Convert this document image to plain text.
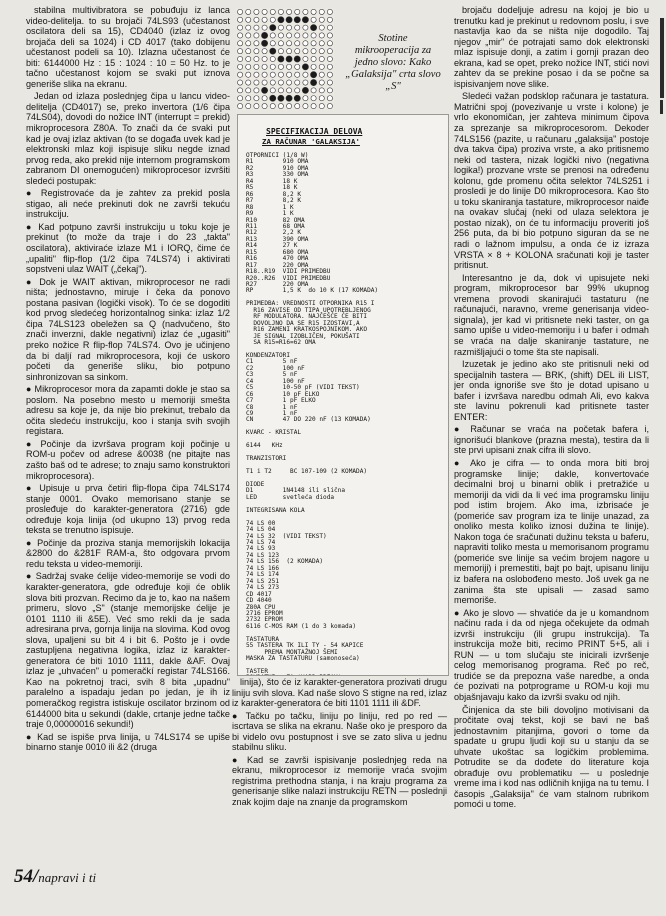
stabilna multivibratora se pobuđuju iz lanca video-delitelja. to su brojači 74LS93 (učestanost oscilatora deli sa 15), CD4040 (izlaz iz ovog brojača deli sa 1024) i CD 4017 (tako dobijenu učestanost podeli sa 10). Izlazna učestanost će biti: 6144000 Hz : 15 : 1024 : 10 = 50 Hz. to je tačno učestanost kojom se svaki put iznova generiše slika na ekranu.

Jedan od izlaza poslednjeg čipa u lancu video-delitelja (CD4017) se, preko invertora (1/6 čipa 74LS04), dovodi do nožice INT (interrupt = prekid) mikroprocesora Z80A. To znači da će svaki put kad je ovaj izlaz aktivan (to se događa uvek kad je elektronski mlaz koji ispisuje sliku negde iznad prvog reda, ako prekid nije internom programskom zabranom DI onemogućen) mikroprocesor izvršiti sledeći postupak:

● Registrovaće da je zahtev za prekid posla stigao, ali neće prekinuti dok ne završi tekuću instrukciju.

● Kad potpuno završi instrukciju u toku koje je prekinut (to može da traje i do 23 „takta" oscilatora), aktiviraće izlaze M1 i IORQ, čime će „upaliti" flip-flop (1/2 čipa 74LS74) i aktivirati sopstveni ulaz WAIT („čekaj").

● Dok je WAIT aktivan, mikroprocesor ne radi ništa; jednostavno, miruje i čeka da ponovo postana pasivan (logički visok). To će se dogoditi kod prvog sledećeg horizontalnog sinka: izlaz 1/2 čipa 74LS123 obeležen sa Q (nadvučeno, što znači inverzni, dakle negativni) izlaz će „ugasiti" preko nožice R flip-flop 74LS74. Ovo je učinjeno da bi daljí rad mikroprocesora, koji će uskoro početi da generiše sliku, bio potpuno sinhronizovan sa sinkom.

● Mikroprocesor mora da zapamti dokle je stao sa poslom. Na posebno mesto u memoriji smešta adresu sa koje je, da nije bio prekinut, trebalo da očita sledeću instrukciju, koo i stanja svih svojih registara.

● Počinje da izvršava program koji počinje u ROM-u počev od adrese &0038 (ne pitajte nas zašto baš od te adrese; to znaju samo konstruktori mikroprocesora).

● Upisuje u prva četiri flip-flopa čipa 74LS174 stanje 0001. Ovako memorisano stanje se prosleđuje do karakter-generatora (2716) gde određuje koja linija (od ukupno 13) prvog reda teksta se trenutno ispisuje.

● Počinje da proziva stanja memorijskih lokacija &2800 do &281F RAM-a, što odgovara prvom redu teksta u video-memoriji.

● Sadržaj svake ćelije video-memorije se vodi do karakter-generatora, gde određuje koji će oblik slova biti prozvan. Recimo da je to, kao na našem primeru, slovo „S" (stanje memorijske ćelije je 0101 1110 ili &5E). Već smo rekli da je sada adresirana prva, gornja linija na slovima. Kod ovog slova, upaljeni su bit 4 i bit 6. Pošto je i ovde zastupljena negativna logika, izlaz iz karakter-generatora će biti 1010 1111, dakle &AF. Ovaj izlaz je „uhvaćen" u pomeračkí registar 74LS166. Kao na pokretnoj traci, svih 8 bita „upadnu" paralelno a ispadaju jedan po jedan, je ih iz pomeračkog registra istiskuje oscilator brzinom od 6144000 bita u sekundi (dakle, crtanje jedne tačke traje 0,00000016 sekundi!)

● Kad se ispiše prva linija, u 74LS174 se upiše binarno stanje 0010 ili &2 (druga

Stotine mikrooperacija za jedno slovo: Kako „Galaksija" crta slovo „S"
SPECIFIKACIJA DELOVA
ZA RAČUNAR 'GALAKSIJA'
OTPORNICI (1/8 W)
R1        910 OMA
R2        910 OMA
R3        330 OMA
R4        18 K
R5        18 K
R6        8,2 K
R7        8,2 K
R8        1 K
R9        1 K
R10       82 OMA
R11       68 OMA
R12       2,2 K
R13       390 OMA
R14       27 K
R15       680 OMA
R16       470 OMA
R17       220 OMA
R18..R19  VIDI PRIMEDBU
R20..R26  VIDI PRIMEDBU
R27       220 OMA
RP        1,5 K  do 10 K (17 KOMADA)
PRIMEDBA: VREDNOSTI OTPORNIKA R15 I
R16 ZAVISE OD TIPA UPOTREBLJENOG
RF MODULATORA. NAJČEŠĆE ĆE BITI
DOVOLJNO DA SE R15 IZOSTAVI,A
R16 ZAMENI KRATKOSPOJNIKOM. AKO
JE SIGNAL IZOBLIČEN, POKUŠATI
SA R15=R16=62 OMA
KONDENZATORI
C1        5 nF
C2        100 nF
C3        5 nF
C4        100 nF
C5        10-50 pF (VIDI TEKST)
C6        10 pF ELKO
C7        1 pF ELKO
C8        1 nF
C9        1 nF
CN        47 DO 220 nF (13 KOMADA)
KVARC - KRISTAL
6144   KHz
TRANZISTORI
T1 i T2     BC 107-109 (2 KOMADA)
DIODE
D1        1N4148 ili slična
LED       svetleća dioda
INTEGRISANA KOLA
74 LS 00
74 LS 04
74 LS 32  (VIDI TEKST)
74 LS 74
74 LS 93
74 LS 123
74 LS 156  (2 KOMADA)
74 LS 166
74 LS 174
74 LS 251
74 LS 273
CD 4017
CD 4040
Z80A CPU
2716 EPROM
2732 EPROM
6116 C-MOS RAM (1 do 3 komada)
TASTATURA
55 TASTERA TK ILI TY - 54 KAPICE
PREMA MONTAŽNOJ ŠEMI
MASKA ZA TASTATURU (samonosećа)
TASTER

linija), što će iz karakter-generatora prozivati drugu liniju svih slova. Kad naše slovo S stigne na red, izlaz iz karakter-generatora će biti 1101 1111 ili &DF.

● Tačku po tačku, liniju po liniju, red po red — iscrtava se slika na ekranu. Naše oko je prespоro da bi videlo ovu postupnost i sve se zato sliva u jednu stabilnu sliku.

● Kad se završi ispisivanje poslednjeg reda na ekranu, mikroprocesor iz memorije vraća svojim registrima prethodna stanja, i na kraju programa za generisanje slike nalazi instrukciju RETN — poslednji znak kojim daje na znanje da programskom

brojaču dodeljuje adresu na kojoj je bio u trenutku kad je prekinut u redovnom poslu, i sve nastavlja kao da se ništa nije dogodilo. Taj njegov „mir" će potrajati samo dok elektronski mlaz ispisuje donji, a zatim i gornji prazan deo ekrana, kad se opet, preko nožice INT, stići novi zahtev da se prekine posao i da se počne sa ispisivanjem nove slike.

Sledeći važan podsklop računara je tastatura. Matrični spoj (povezivanje u vrste i kolone) je vrlo ekonomičan, jer zahteva minimum čipova za sprezanje sa mikroprocesorom. Dekoder 74LS156 (pazite, u računaru „galaksija" postoje dva takva čipa) proziva vrste, a ako pritisnemo neki od tastera, nizak logički nivo (negativna logika!) prozvane vrste se prenosi na određenu kolonu, gde promenu očita selektor 74LS251 i prosledi je do linije D0 mikroprocesora. Kao što u toku skaniranja tastature, mikroprocesor naiđe na ovakav slučaj (neki od ulaza selektora je postao nizak), on će tu informaciju proveriti još 256 puta, da bi bio potpuno siguran da se ne radi o lažnom impulsu, a onda će iz izraza VRSTA × 8 + KOLONA sračunati koji je taster pritisnut.

Interesantno je da, dok vi upisujete neki program, mikroprocesor bar 99% ukupnog vremena provodi skanirajući tastaturu (ne računajući, naravno, vreme generisanja video-signala), jer kad vi pritisnete neki taster, on ga samo upiše u video-memoriju i u bafer i odmah se vraća na dalje skaniranje tastature, ne razmišljajući o tome šta ste napisali.

Izuzetak je jedino ako ste pritisnuli neki od specijalnih tastera — BRK, (shift) DEL ili LIST, jer onda ignoriše sve što je dotad upisano u bafer i izvršava naredbu odmah Ali, evo kakva ste lavinu pokrenuli kad pritisnete taster ENTER:

● Računar se vraća na početak bafera i, ignorišući blankove (prazna mesta), testira da li ste prvi upisani znak cifra ili slovo.

● Ako je cifra — to onda mora biti broj programske linije; dakle, konvertovaće decimalni broj u binarni oblik i pretražiće u memoriji da vidi da li već ima programsku liniju pod istim brojem. Ako ima, izbrisaće je (pomeriće sav program iza te linije unazad, za onoliko mesta koliko iznosi dužina te linije). Nakon toga će sračunati dužinu teksta u baferu, napraviti toliko mesta u memorisanom programu (pomeriće sve linije sa većim brojem nagore u memoriji) i premestiti, bajt po bajt, upisanu liniju iz bafera na oslobođeno mesto. Još uvek ga ne zanima šta ste upisali — zasad samo memoriše.

● Ako je slovo — shvatiće da je u komandnom načinu rada i da od njega očekujete da odmah izvrši instrukciju (ili grupu instrukcija). Ta instrukcija može biti, recimo PRINT 5+5, ali i RUN — u tom slučaju ste inicirali izvršenje celog memorisanog programa. Reč po reč, trudiće se da prepozna vaše naredbe, a onda će pozivati na potprograme u ROM-u koji mu objašnjavaju kako da izvrši svaku od njih.

Činjenica da ste bili dovoljno motivisani da pročitate ovaj tekst, koji se bavi ne baš jednostavnim pitanjima, govori o tome da spadate u grupu ljudi koji su u stanju da se uhvate ukoštac sa logičkim problemima. Potrudite se da dođete do literature koja obrađuje ovu problematiku — u poslednje vreme ima i kod nas odličnih knjiga na tu temu. I časopis „Galaksija" će vam stalnom rubrikom pomoći u tome.

54/napravi i ti
